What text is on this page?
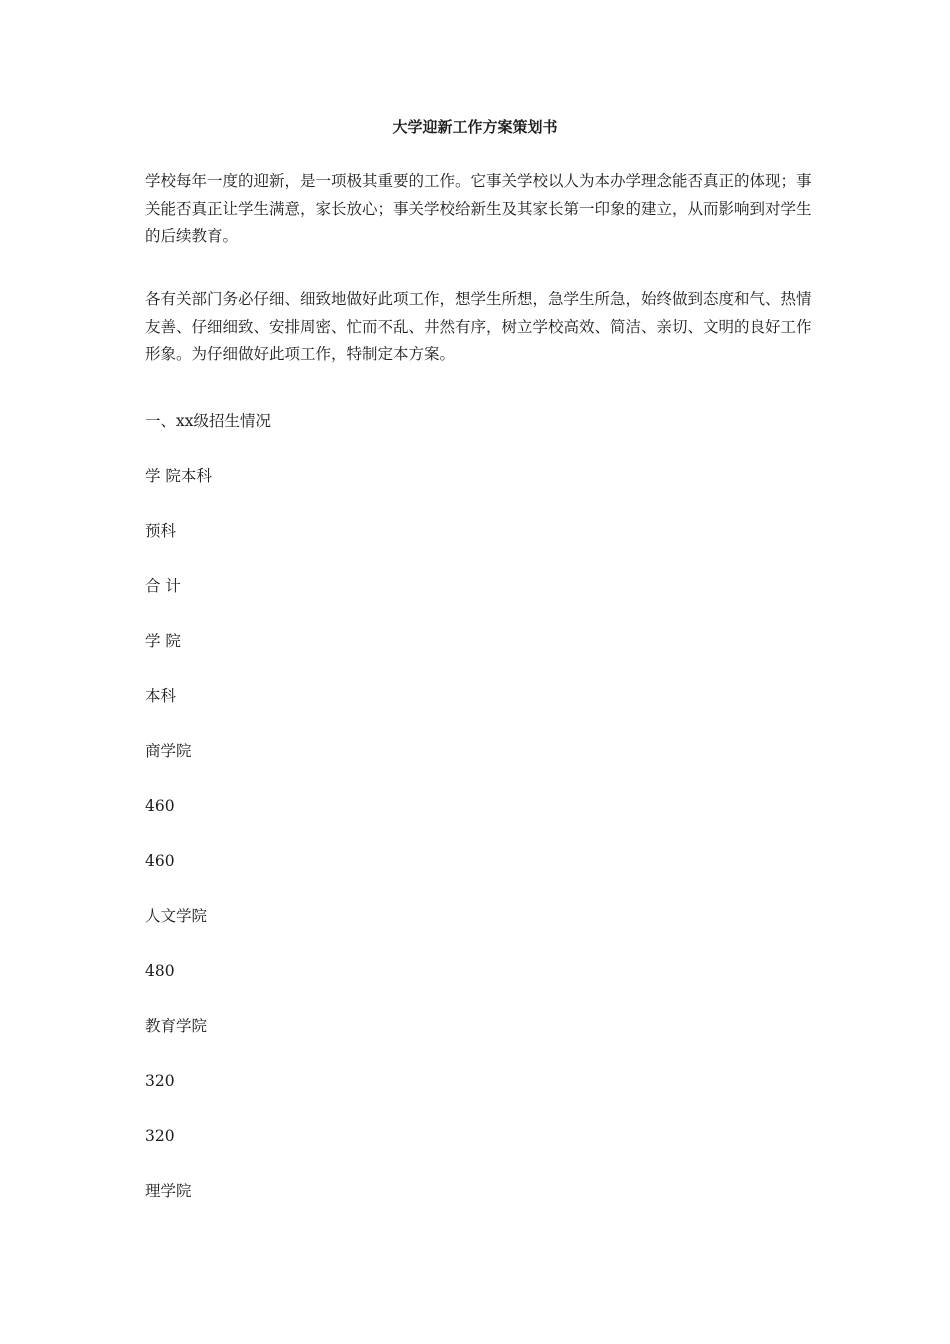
大学迎新工作方案策划书

学校每年一度的迎新，是一项极其重要的工作。它事关学校以人为本办学理念能否真正的体现；事关能否真正让学生满意，家长放心；事关学校给新生及其家长第一印象的建立，从而影响到对学生的后续教育。

各有关部门务必仔细、细致地做好此项工作，想学生所想，急学生所急，始终做到态度和气、热情友善、仔细细致、安排周密、忙而不乱、井然有序，树立学校高效、简洁、亲切、文明的良好工作形象。为仔细做好此项工作，特制定本方案。

一、xx级招生情况
学 院本科
预科
合 计
学 院
本科
商学院
460
460
人文学院
480
教育学院
320
320
理学院
